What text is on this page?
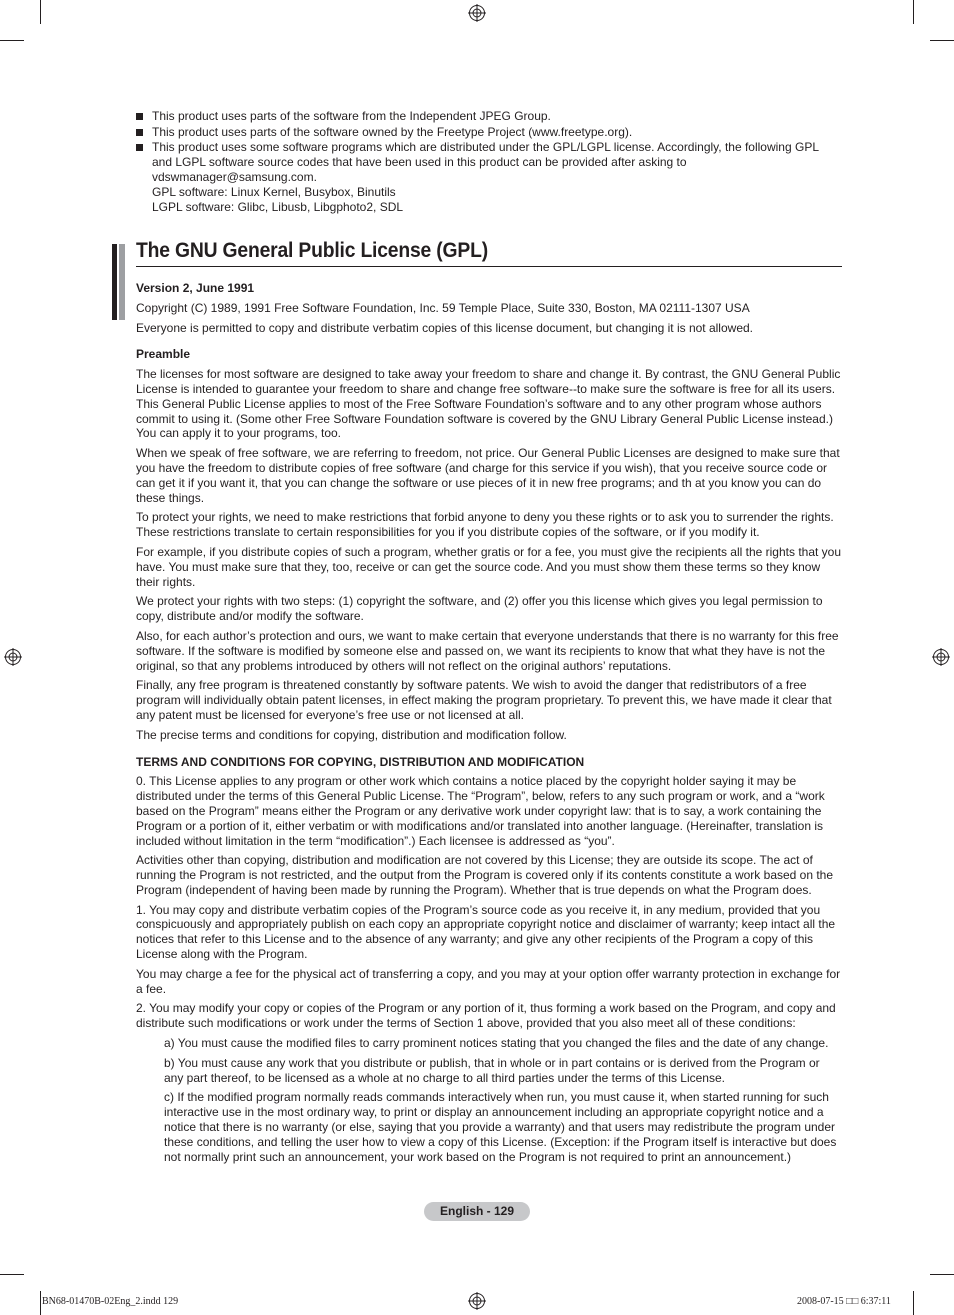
This product uses parts of the software from the Independent JPEG Group.
This product uses parts of the software owned by the Freetype Project (www.freetype.org).
This product uses some software programs which are distributed under the GPL/LGPL license. Accordingly, the following GPL and LGPL software source codes that have been used in this product can be provided after asking to vdswmanager@samsung.com.
GPL software: Linux Kernel, Busybox, Binutils
LGPL software: Glibc, Libusb, Libgphoto2, SDL
The GNU General Public License (GPL)

Version 2, June 1991

Copyright (C) 1989, 1991 Free Software Foundation, Inc. 59 Temple Place, Suite 330, Boston, MA 02111-1307 USA

Everyone is permitted to copy and distribute verbatim copies of this license document, but changing it is not allowed.

Preamble

The licenses for most software are designed to take away your freedom to share and change it. By contrast, the GNU General Public License is intended to guarantee your freedom to share and change free software--to make sure the software is free for all its users. This General Public License applies to most of the Free Software Foundation’s software and to any other program whose authors commit to using it. (Some other Free Software Foundation software is covered by the GNU Library General Public License instead.) You can apply it to your programs, too.

When we speak of free software, we are referring to freedom, not price. Our General Public Licenses are designed to make sure that you have the freedom to distribute copies of free software (and charge for this service if you wish), that you receive source code or can get it if you want it, that you can change the software or use pieces of it in new free programs; and th at you know you can do these things.

To protect your rights, we need to make restrictions that forbid anyone to deny you these rights or to ask you to surrender the rights. These restrictions translate to certain responsibilities for you if you distribute copies of the software, or if you modify it.

For example, if you distribute copies of such a program, whether gratis or for a fee, you must give the recipients all the rights that you have. You must make sure that they, too, receive or can get the source code. And you must show them these terms so they know their rights.

We protect your rights with two steps: (1) copyright the software, and (2) offer you this license which gives you legal permission to copy, distribute and/or modify the software.

Also, for each author’s protection and ours, we want to make certain that everyone understands that there is no warranty for this free software. If the software is modified by someone else and passed on, we want its recipients to know that what they have is not the original, so that any problems introduced by others will not reflect on the original authors’ reputations.

Finally, any free program is threatened constantly by software patents. We wish to avoid the danger that redistributors of a free program will individually obtain patent licenses, in effect making the program proprietary. To prevent this, we have made it clear that any patent must be licensed for everyone’s free use or not licensed at all.

The precise terms and conditions for copying, distribution and modification follow.

TERMS AND CONDITIONS FOR COPYING, DISTRIBUTION AND MODIFICATION

0. This License applies to any program or other work which contains a notice placed by the copyright holder saying it may be distributed under the terms of this General Public License. The “Program”, below, refers to any such program or work, and a “work based on the Program” means either the Program or any derivative work under copyright law: that is to say, a work containing the Program or a portion of it, either verbatim or with modifications and/or translated into another language. (Hereinafter, translation is included without limitation in the term “modification”.) Each licensee is addressed as “you”.

Activities other than copying, distribution and modification are not covered by this License; they are outside its scope. The act of running the Program is not restricted, and the output from the Program is covered only if its contents constitute a work based on the Program (independent of having been made by running the Program). Whether that is true depends on what the Program does.

1. You may copy and distribute verbatim copies of the Program’s source code as you receive it, in any medium, provided that you conspicuously and appropriately publish on each copy an appropriate copyright notice and disclaimer of warranty; keep intact all the notices that refer to this License and to the absence of any warranty; and give any other recipients of the Program a copy of this License along with the Program.

You may charge a fee for the physical act of transferring a copy, and you may at your option offer warranty protection in exchange for a fee.

2. You may modify your copy or copies of the Program or any portion of it, thus forming a work based on the Program, and copy and distribute such modifications or work under the terms of Section 1 above, provided that you also meet all of these conditions:

a) You must cause the modified files to carry prominent notices stating that you changed the files and the date of any change.

b) You must cause any work that you distribute or publish, that in whole or in part contains or is derived from the Program or any part thereof, to be licensed as a whole at no charge to all third parties under the terms of this License.

c) If the modified program normally reads commands interactively when run, you must cause it, when started running for such interactive use in the most ordinary way, to print or display an announcement including an appropriate copyright notice and a notice that there is no warranty (or else, saying that you provide a warranty) and that users may redistribute the program under these conditions, and telling the user how to view a copy of this License. (Exception: if the Program itself is interactive but does not normally print such an announcement, your work based on the Program is not required to print an announcement.)

English - 129
BN68-01470B-02Eng_2.indd 129	2008-07-15 □□ 6:37:11
